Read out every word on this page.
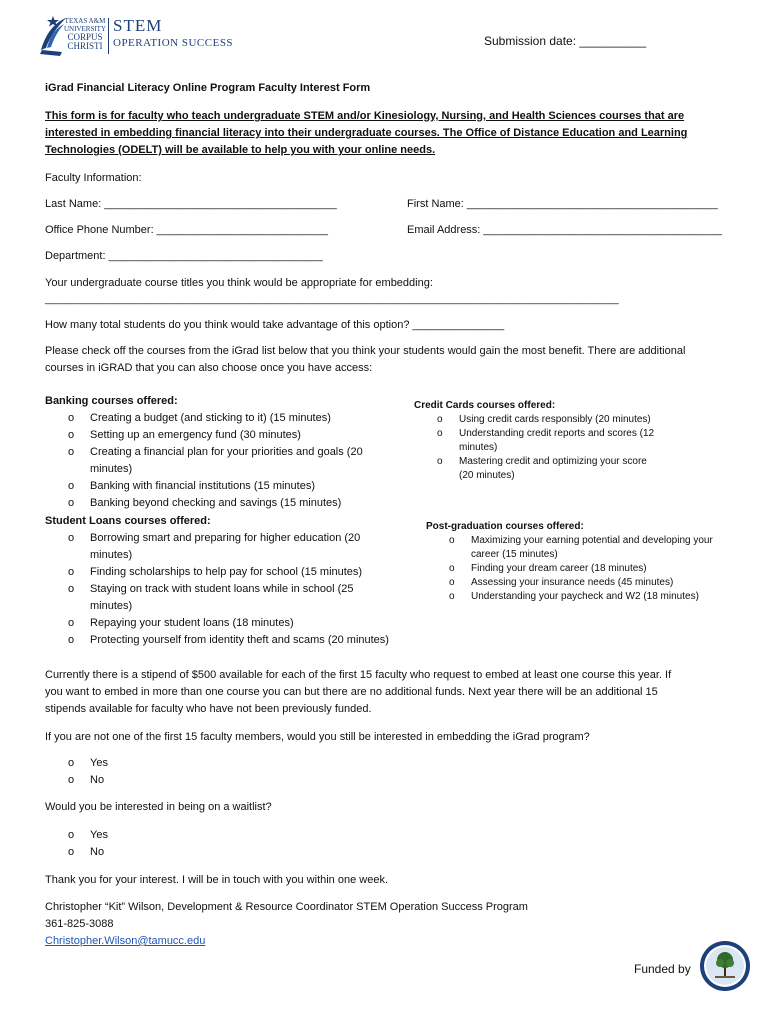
TEXAS A&M
UNIVERSITY
CORPUS
CHRISTI
STEM
OPERATION SUCCESS	Submission date: __________
iGrad Financial Literacy Online Program Faculty Interest Form
This form is for faculty who teach undergraduate STEM and/or Kinesiology, Nursing, and Health Sciences courses that are
interested in embedding financial literacy into their undergraduate courses. The Office of Distance Education and Learning
Technologies (ODELT) will be available to help you with your online needs.
Faculty Information:
Last Name: ______________________________________	First Name: _________________________________________
Office Phone Number: ____________________________	Email Address: _______________________________________
Department: ___________________________________
Your undergraduate course titles you think would be appropriate for embedding:
_____________________________________________________________________________________________________________
How many total students do you think would take advantage of this option? _______________
Please check off the courses from the iGrad list below that you think your students would gain the most benefit. There are additional
courses in iGRAD that you can also choose once you have access:
Banking courses offered:
o Creating a budget (and sticking to it) (15 minutes)
o Setting up an emergency fund (30 minutes)
o Creating a financial plan for your priorities and goals (20
minutes)
o Banking with financial institutions (15 minutes)
o Banking beyond checking and savings (15 minutes)
Credit Cards courses offered:
o Using credit cards responsibly (20 minutes)
o Understanding credit reports and scores (12
minutes)
o Mastering credit and optimizing your score
(20 minutes)
Student Loans courses offered:
o Borrowing smart and preparing for higher education (20
minutes)
o Finding scholarships to help pay for school (15 minutes)
o Staying on track with student loans while in school (25
minutes)
o Repaying your student loans (18 minutes)
o Protecting yourself from identity theft and scams (20 minutes)
Post-graduation courses offered:
o Maximizing your earning potential and developing your
career (15 minutes)
o Finding your dream career (18 minutes)
o Assessing your insurance needs (45 minutes)
o Understanding your paycheck and W2 (18 minutes)
Currently there is a stipend of $500 available for each of the first 15 faculty who request to embed at least one course this year. If
you want to embed in more than one course you can but there are no additional funds. Next year there will be an additional 15
stipends available for faculty who have not been previously funded.
If you are not one of the first 15 faculty members, would you still be interested in embedding the iGrad program?
o Yes
o No
Would you be interested in being on a waitlist?
o Yes
o No
Thank you for your interest. I will be in touch with you within one week.
Christopher “Kit” Wilson, Development & Resource Coordinator STEM Operation Success Program
361-825-3088
Christopher.Wilson@tamucc.edu
Funded by
